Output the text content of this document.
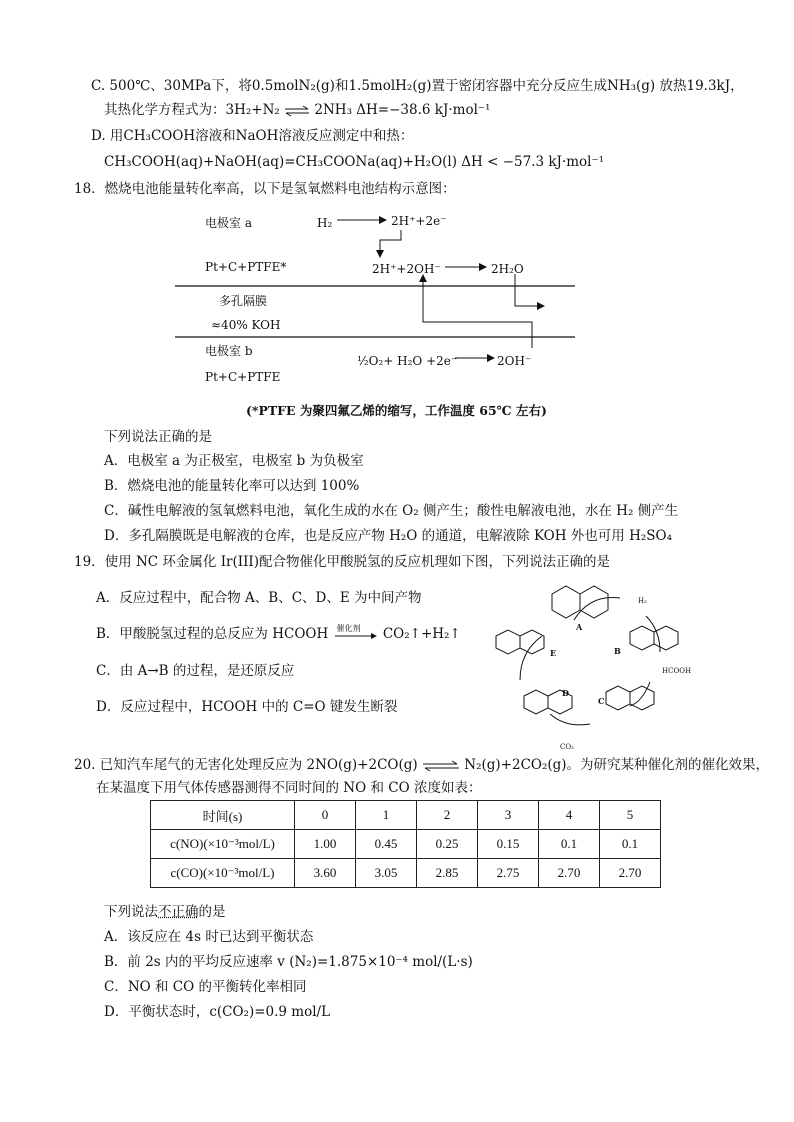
C. 500℃、30MPa下，将0.5molN₂(g)和1.5molH₂(g)置于密闭容器中充分反应生成NH₃(g) 放热19.3kJ，
其热化学方程式为：3H₂+N₂ ⇌ 2NH₃ ΔH=−38.6 kJ·mol⁻¹
D. 用CH₃COOH溶液和NaOH溶液反应测定中和热：
CH₃COOH(aq)+NaOH(aq)=CH₃COONa(aq)+H₂O(l) ΔH < −57.3 kJ·mol⁻¹
18．燃烧电池能量转化率高，以下是氢氧燃料电池结构示意图：
电极室 a	H₂	2H⁺+2e⁻
Pt+C+PTFE*	2H⁺+2OH⁻	2H₂O
多孔隔膜
≈40% KOH
电极室 b
½O₂+ H₂O +2e⁻	2OH⁻
Pt+C+PTFE
(*PTFE 为聚四氟乙烯的缩写，工作温度 65℃ 左右)
下列说法正确的是
A．电极室 a 为正极室，电极室 b 为负极室
B．燃烧电池的能量转化率可以达到 100%
C．碱性电解液的氢氧燃料电池，氧化生成的水在 O₂ 侧产生；酸性电解液电池，水在 H₂ 侧产生
D．多孔隔膜既是电解液的仓库，也是反应产物 H₂O 的通道，电解液除 KOH 外也可用 H₂SO₄
19．使用 NC 环金属化 Ir(III)配合物催化甲酸脱氢的反应机理如下图，下列说法正确的是
A．反应过程中，配合物 A、B、C、D、E 为中间产物
B．甲酸脱氢过程的总反应为 HCOOH 催化剂 CO₂↑+H₂↑
C．由 A→B 的过程，是还原反应
D．反应过程中，HCOOH 中的 C=O 键发生断裂
A
B
C
D
E
H₂
HCOOH
CO₂
20. 已知汽车尾气的无害化处理反应为 2NO(g)+2CO(g) ⇌ N₂(g)+2CO₂(g)。为研究某种催化剂的催化效果，
在某温度下用气体传感器测得不同时间的 NO 和 CO 浓度如表：
时间(s)	0	1	2	3	4	5
c(NO)(×10⁻³mol/L)	1.00	0.45	0.25	0.15	0.1	0.1
c(CO)(×10⁻³mol/L)	3.60	3.05	2.85	2.75	2.70	2.70
下列说法不正确的是
A．该反应在 4s 时已达到平衡状态
B．前 2s 内的平均反应速率 v (N₂)=1.875×10⁻⁴ mol/(L·s)
C．NO 和 CO 的平衡转化率相同
D．平衡状态时，c(CO₂)=0.9 mol/L
